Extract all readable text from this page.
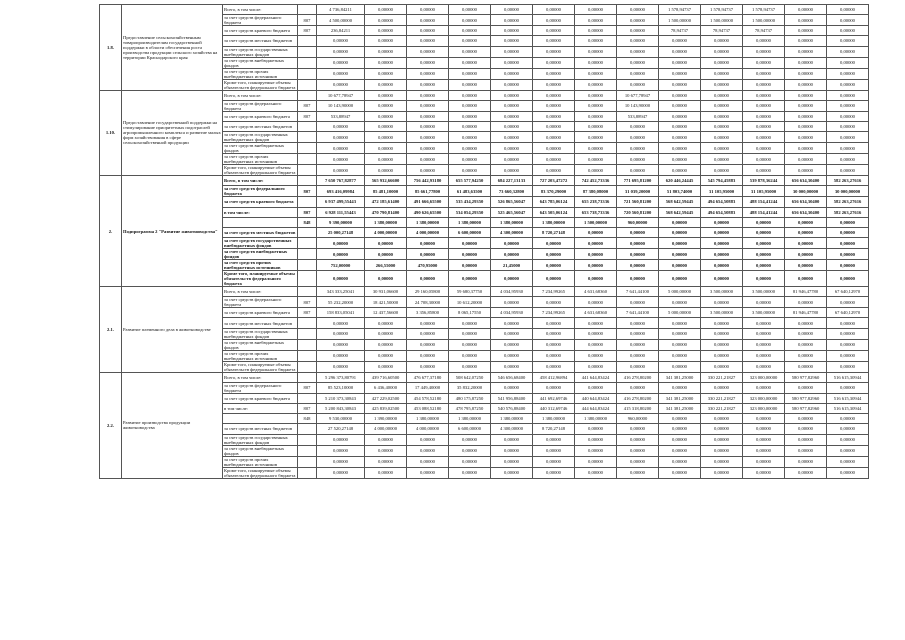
1.8.	Предоставление сельскохозяйственным товаропроизводителям государственной поддержки в области обеспечения роста производства продукции сельского хозяйства на территории Краснодарского края	Всего, в том числе:		4 736,84211	0,00000	0,00000	0,00000	0,00000	0,00000	0,00000	0,00000	1 578,94737	1 578,94737	1 578,94737	0,00000	0,00000
		за счет средств федерального бюджета	807	4 500,00000	0,00000	0,00000	0,00000	0,00000	0,00000	0,00000	0,00000	1 500,00000	1 500,00000	1 500,00000	0,00000	0,00000
		за счет средств краевого бюджета	807	236,84211	0,00000	0,00000	0,00000	0,00000	0,00000	0,00000	0,00000	78,94737	78,94737	78,94737	0,00000	0,00000
		за счет средств местных бюджетов		0,00000	0,00000	0,00000	0,00000	0,00000	0,00000	0,00000	0,00000	0,00000	0,00000	0,00000	0,00000	0,00000
		за счет средств государственных внебюджетных фондов		0,00000	0,00000	0,00000	0,00000	0,00000	0,00000	0,00000	0,00000	0,00000	0,00000	0,00000	0,00000	0,00000
		за счет средств внебюджетных фондов		0,00000	0,00000	0,00000	0,00000	0,00000	0,00000	0,00000	0,00000	0,00000	0,00000	0,00000	0,00000	0,00000
		за счет средств прочих внебюджетных источников		0,00000	0,00000	0,00000	0,00000	0,00000	0,00000	0,00000	0,00000	0,00000	0,00000	0,00000	0,00000	0,00000
		Кроме того, планируемые объемы обязательств федерального бюджета		0,00000	0,00000	0,00000	0,00000	0,00000	0,00000	0,00000	0,00000	0,00000	0,00000	0,00000	0,00000	0,00000
1.10.	Предоставление государственной поддержки на стимулирование приоритетных подотраслей агропромышленного комплекса и развитие малых форм хозяйствования в сфере сельскохозяйственной продукции	Всего, в том числе:		10 677,78947	0,00000	0,00000	0,00000	0,00000	0,00000	0,00000	10 677,78947	0,00000	0,00000	0,00000	0,00000	0,00000
		за счет средств федерального бюджета	807	10 143,90000	0,00000	0,00000	0,00000	0,00000	0,00000	0,00000	10 143,90000	0,00000	0,00000	0,00000	0,00000	0,00000
		за счет средств краевого бюджета	807	533,88947	0,00000	0,00000	0,00000	0,00000	0,00000	0,00000	533,88947	0,00000	0,00000	0,00000	0,00000	0,00000
		за счет средств местных бюджетов		0,00000	0,00000	0,00000	0,00000	0,00000	0,00000	0,00000	0,00000	0,00000	0,00000	0,00000	0,00000	0,00000
		за счет средств государственных внебюджетных фондов		0,00000	0,00000	0,00000	0,00000	0,00000	0,00000	0,00000	0,00000	0,00000	0,00000	0,00000	0,00000	0,00000
		за счет средств внебюджетных фондов		0,00000	0,00000	0,00000	0,00000	0,00000	0,00000	0,00000	0,00000	0,00000	0,00000	0,00000	0,00000	0,00000
		за счет средств прочих внебюджетных источников		0,00000	0,00000	0,00000	0,00000	0,00000	0,00000	0,00000	0,00000	0,00000	0,00000	0,00000	0,00000	0,00000
		Кроме того, планируемые объемы обязательств федерального бюджета		0,00000	0,00000	0,00000	0,00000	0,00000	0,00000	0,00000	0,00000	0,00000	0,00000	0,00000	0,00000	0,00000
2.	Подпрограмма 2 "Развитие животноводства"	Всего, в том числе:		7 650 767,82877	565 932,66600	756 442,93180	655 577,94250	684 227,13133	727 203,47272	742 452,73336	771 695,81200	620 446,24445	545 794,45883	539 878,36244	656 634,30400	582 263,27616
		за счет средств федерального бюджета	807	693 416,09984	85 481,10000	85 661,77800	61 483,63500	73 660,32800	83 370,29000	87 380,08000	31 039,20000	51 803,74000	31 105,95000	31 105,95000	30 000,00000	30 000,00000
		за счет средств краевого бюджета		6 937 499,55443	472 185,61400	491 666,65500	535 434,29350	526 865,56047	643 785,06124	655 238,73336	721 560,81200	568 642,59445	494 654,50883	488 154,41244	656 634,30400	582 263,27616
		в том числе:	807	6 928 111,55443	470 790,81400	490 626,65500	534 054,29350	525 465,56047	643 505,06124	653 738,73336	720 560,81200	568 642,59445	494 654,50883	488 154,41244	656 634,30400	582 263,27616
			848	9 390,00000	1 380,00000	1 380,00000	1 380,00000	1 380,00000	1 380,00000	1 500,00000	960,00000	0,00000	0,00000	0,00000	0,00000	0,00000
		за счет средств местных бюджетов		25 000,27148	4 000,00000	4 000,00000	6 600,00000	4 300,00000	8 720,27148	0,00000	0,00000	0,00000	0,00000	0,00000	0,00000	0,00000
		за счет средств государственных внебюджетных фондов		0,00000	0,00000	0,00000	0,00000	0,00000	0,00000	0,00000	0,00000	0,00000	0,00000	0,00000	0,00000	0,00000
		за счет средств внебюджетных фондов		0,00000	0,00000	0,00000	0,00000	0,00000	0,00000	0,00000	0,00000	0,00000	0,00000	0,00000	0,00000	0,00000
		за счет средств прочих внебюджетных источников		752,00000	266,55000	470,95000	0,00000	21,45000	0,00000	0,00000	0,00000	0,00000	0,00000	0,00000	0,00000	0,00000
		Кроме того, планируемые объемы обязательств федерального бюджета		0,00000	0,00000	0,00000	0,00000	0,00000	0,00000	0,00000	0,00000	0,00000	0,00000	0,00000	0,00000	0,00000
2.1.	Развитие племенного дела в животноводстве	Всего, в том числе:		343 333,25041	30 931,06600	29 160,05800	59 680,37750	4 034,95930	7 234,99265	4 631,68360	7 641,44100	5 000,00000	3 500,00000	3 500,00000	81 946,47780	67 640,12970
		за счет средств федерального бюджета	807	55 232,20000	18 421,50000	24 708,30000	10 612,20000	0,00000	0,00000	0,00000	0,00000	0,00000	0,00000	0,00000	0,00000	0,00000
		за счет средств краевого бюджета	807	158 833,05041	12 437,56600	3 356,85800	8 065,17550	4 034,95930	7 234,99265	4 631,68360	7 641,44100	5 000,00000	3 500,00000	3 500,00000	81 946,47780	67 640,12970
		за счет средств местных бюджетов		0,00000	0,00000	0,00000	0,00000	0,00000	0,00000	0,00000	0,00000	0,00000	0,00000	0,00000	0,00000	0,00000
		за счет средств государственных внебюджетных фондов		0,00000	0,00000	0,00000	0,00000	0,00000	0,00000	0,00000	0,00000	0,00000	0,00000	0,00000	0,00000	0,00000
		за счет средств внебюджетных фондов		0,00000	0,00000	0,00000	0,00000	0,00000	0,00000	0,00000	0,00000	0,00000	0,00000	0,00000	0,00000	0,00000
		за счет средств прочих внебюджетных источников		0,00000	0,00000	0,00000	0,00000	0,00000	0,00000	0,00000	0,00000	0,00000	0,00000	0,00000	0,00000	0,00000
		Кроме того, планируемые объемы обязательств федерального бюджета		0,00000	0,00000	0,00000	0,00000	0,00000	0,00000	0,00000	0,00000	0,00000	0,00000	0,00000	0,00000	0,00000
2.2.	Развитие производства продукции животноводства	Всего, в том числе:		5 296 373,80791	439 716,60500	476 677,37180	508 642,07250	546 656,68400	458 412,96894	441 644,83424	416 278,80200	341 381,25000	330 221,21827	323 000,00000	580 977,82960	516 615,30944
		за счет средств федерального бюджета	807	85 523,10000	6 436,40000	17 449,40000	35 832,20000	0,00000	0,00000	0,00000	0,00000	0,00000	0,00000	0,00000	0,00000	0,00000
		за счет средств краевого бюджета		5 210 373,30843	427 229,02500	454 578,52180	480 175,87250	541 956,88400	441 692,69746	440 644,83424	416 278,80200	341 381,25000	330 221,21827	323 000,00000	580 977,82960	516 615,30944
		в том числе:	807	5 200 843,30843	425 839,02500	453 088,52180	478 795,87250	540 576,88400	440 312,69746	444 644,83424	415 318,80200	341 381,25000	330 221,21827	323 000,00000	580 977,82960	516 615,30944
			848	9 530,00000	1 390,00000	1 380,00000	1 380,00000	1 380,00000	1 380,00000	1 380,00000	960,00000	0,00000	0,00000	0,00000	0,00000	0,00000
		за счет средств местных бюджетов		27 520,27148	4 000,00000	4 000,00000	6 600,00000	4 300,00000	8 720,27148	0,00000	0,00000	0,00000	0,00000	0,00000	0,00000	0,00000
		за счет средств государственных внебюджетных фондов		0,00000	0,00000	0,00000	0,00000	0,00000	0,00000	0,00000	0,00000	0,00000	0,00000	0,00000	0,00000	0,00000
		за счет средств внебюджетных фондов		0,00000	0,00000	0,00000	0,00000	0,00000	0,00000	0,00000	0,00000	0,00000	0,00000	0,00000	0,00000	0,00000
		за счет средств прочих внебюджетных источников		0,00000	0,00000	0,00000	0,00000	0,00000	0,00000	0,00000	0,00000	0,00000	0,00000	0,00000	0,00000	0,00000
		Кроме того, планируемые объемы обязательств федерального бюджета		0,00000	0,00000	0,00000	0,00000	0,00000	0,00000	0,00000	0,00000	0,00000	0,00000	0,00000	0,00000	0,00000
